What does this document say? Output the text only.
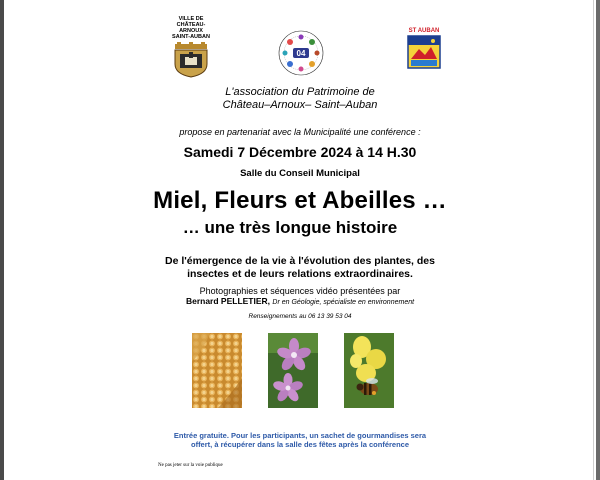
VILLE DE
CHÂTEAU-ARNOUX
SAINT-AUBAN
04
ST AUBAN
L'association du Patrimoine de
Château–Arnoux– Saint–Auban
propose en partenariat avec la Municipalité une conférence :
Samedi 7 Décembre 2024 à 14 H.30
Salle du Conseil Municipal
Miel, Fleurs et Abeilles …
… une très longue histoire
De l'émergence de la vie à l'évolution des plantes, des
insectes et de leurs relations extraordinaires.
Photographies et séquences vidéo présentées par
Bernard PELLETIER, Dr en Géologie, spécialiste en environnement
Renseignements au 06 13 39 53 04
Entrée gratuite. Pour les participants, un sachet de gourmandises sera
offert, à récupérer dans la salle des fêtes après la conférence
Ne pas jeter sur la voie publique
